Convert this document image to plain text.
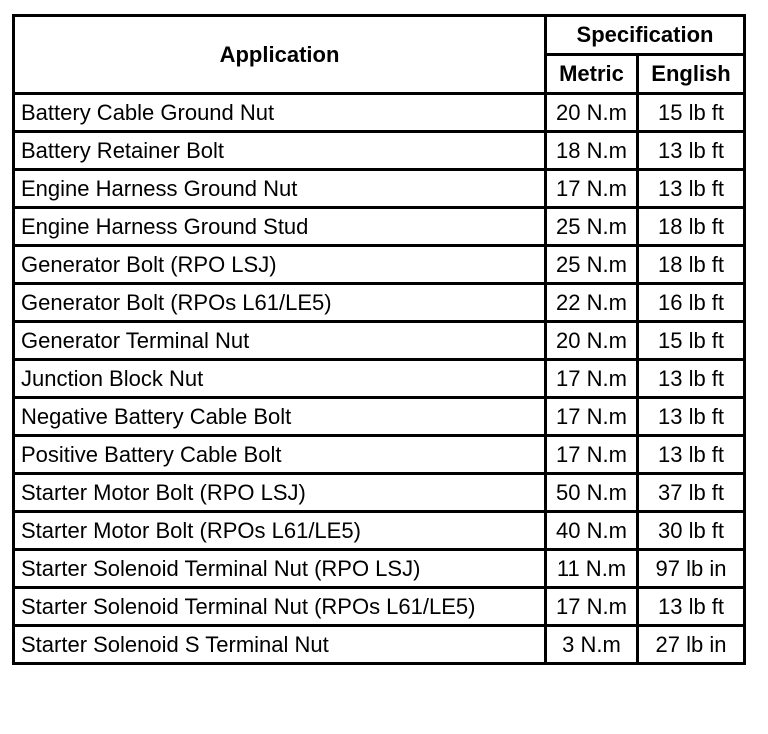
Application	Specification	
	Metric	English
Battery Cable Ground Nut	20 N.m	15 lb ft
Battery Retainer Bolt	18 N.m	13 lb ft
Engine Harness Ground Nut	17 N.m	13 lb ft
Engine Harness Ground Stud	25 N.m	18 lb ft
Generator Bolt (RPO LSJ)	25 N.m	18 lb ft
Generator Bolt (RPOs L61/LE5)	22 N.m	16 lb ft
Generator Terminal Nut	20 N.m	15 lb ft
Junction Block Nut	17 N.m	13 lb ft
Negative Battery Cable Bolt	17 N.m	13 lb ft
Positive Battery Cable Bolt	17 N.m	13 lb ft
Starter Motor Bolt (RPO LSJ)	50 N.m	37 lb ft
Starter Motor Bolt (RPOs L61/LE5)	40 N.m	30 lb ft
Starter Solenoid Terminal Nut (RPO LSJ)	11 N.m	97 lb in
Starter Solenoid Terminal Nut (RPOs L61/LE5)	17 N.m	13 lb ft
Starter Solenoid S Terminal Nut	3 N.m	27 lb in
